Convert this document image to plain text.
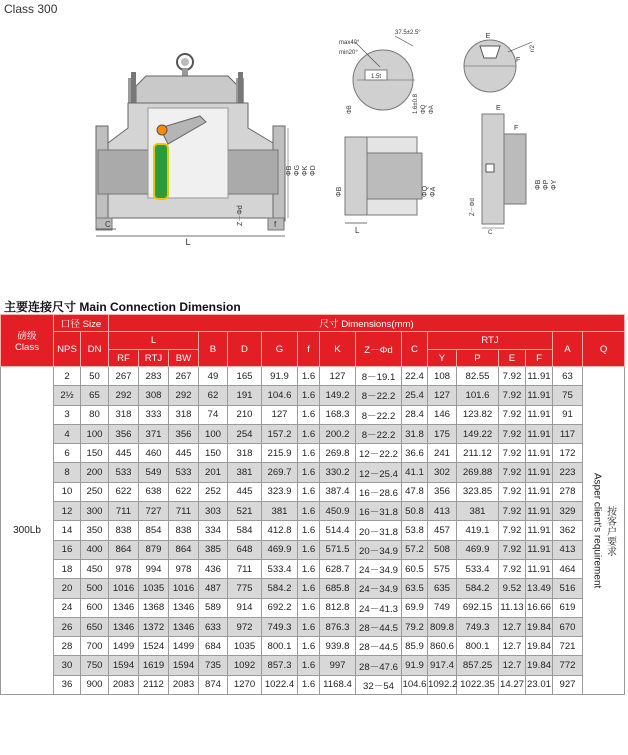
Class 300
L
C	f
Z－Φd
ΦB ΦG ΦK ΦD
max40°
min20°
37.5±2.5°
1.5t
1.6±0.8 ΦQ ΦA
ΦB
E
F
r/2
L
ΦQ ΦA
ΦB
E
F
ΦB ΦP ΦY
Z－Φd
C
主要连接尺寸 Main Connection Dimension
磅级
Class	口径 Size		尺寸 Dimensions(mm)															
	NPS	DN	L			B	D	G	f	K	Z－Φd	C	RTJ				A	Q
			RF	RTJ	BW								Y	P	E	F		
300Lb	2	50	267	283	267	49	165	91.9	1.6	127	8－19.1	22.4	108	82.55	7.92	11.91	63	Asper client's requirement 按客户要求

	2½	65	292	308	292	62	191	104.6	1.6	149.2	8－22.2	25.4	127	101.6	7.92	11.91	75	
	3	80	318	333	318	74	210	127	1.6	168.3	8－22.2	28.4	146	123.82	7.92	11.91	91	
	4	100	356	371	356	100	254	157.2	1.6	200.2	8－22.2	31.8	175	149.22	7.92	11.91	117	
	6	150	445	460	445	150	318	215.9	1.6	269.8	12－22.2	36.6	241	211.12	7.92	11.91	172	
	8	200	533	549	533	201	381	269.7	1.6	330.2	12－25.4	41.1	302	269.88	7.92	11.91	223	
	10	250	622	638	622	252	445	323.9	1.6	387.4	16－28.6	47.8	356	323.85	7.92	11.91	278	
	12	300	711	727	711	303	521	381	1.6	450.9	16－31.8	50.8	413	381	7.92	11.91	329	
	14	350	838	854	838	334	584	412.8	1.6	514.4	20－31.8	53.8	457	419.1	7.92	11.91	362	
	16	400	864	879	864	385	648	469.9	1.6	571.5	20－34.9	57.2	508	469.9	7.92	11.91	413	
	18	450	978	994	978	436	711	533.4	1.6	628.7	24－34.9	60.5	575	533.4	7.92	11.91	464	
	20	500	1016	1035	1016	487	775	584.2	1.6	685.8	24－34.9	63.5	635	584.2	9.52	13.49	516	
	24	600	1346	1368	1346	589	914	692.2	1.6	812.8	24－41.3	69.9	749	692.15	11.13	16.66	619	
	26	650	1346	1372	1346	633	972	749.3	1.6	876.3	28－44.5	79.2	809.8	749.3	12.7	19.84	670	
	28	700	1499	1524	1499	684	1035	800.1	1.6	939.8	28－44.5	85.9	860.6	800.1	12.7	19.84	721	
	30	750	1594	1619	1594	735	1092	857.3	1.6	997	28－47.6	91.9	917.4	857.25	12.7	19.84	772	
	36	900	2083	2112	2083	874	1270	1022.4	1.6	1168.4	32－54	104.6	1092.2	1022.35	14.27	23.01	927	
